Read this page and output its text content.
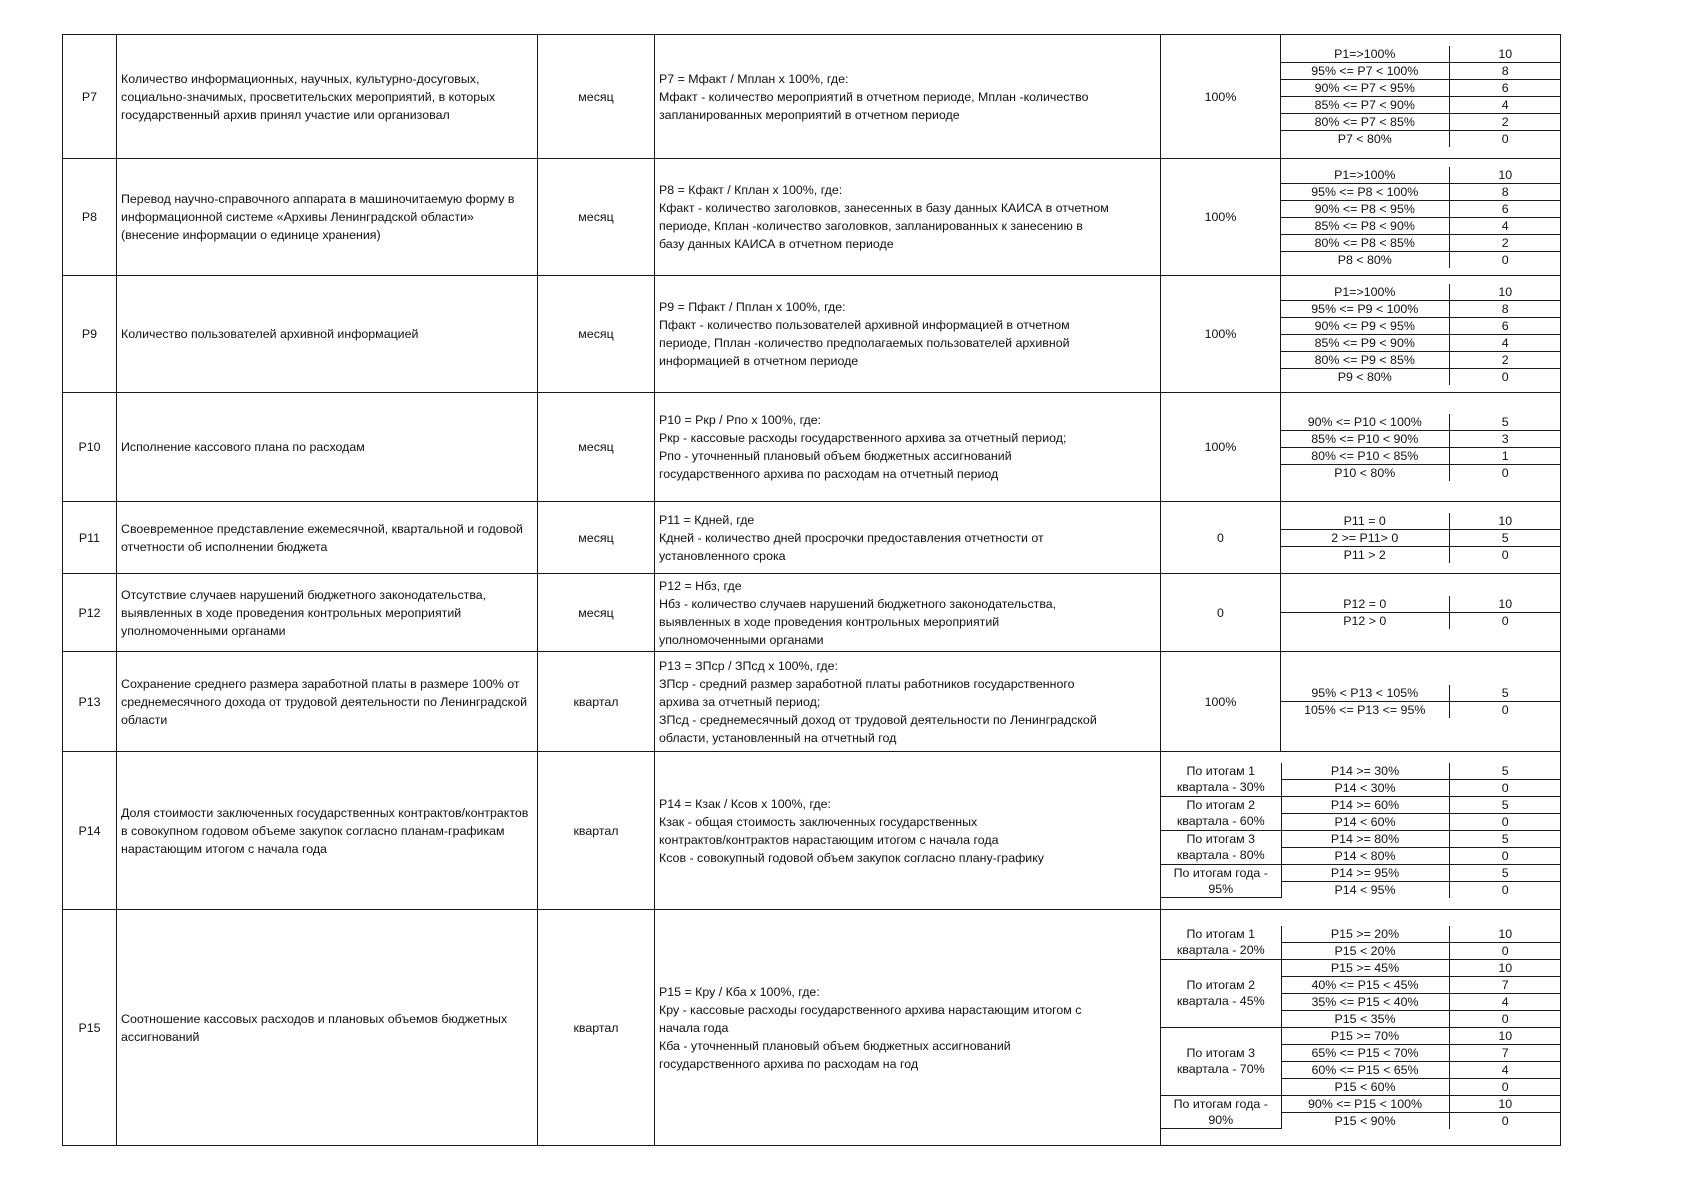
Р7	Количество информационных, научных, культурно-досуговых, социально-значимых, просветительских мероприятий, в которых государственный архив принял участие или организовал	месяц	
Р7 = Мфакт / Мплан х 100%, где:
Мфакт - количество мероприятий в отчетном периоде, Мплан -количество
запланированных мероприятий в отчетном периоде
	100%	
Р1=>100%	10
95% <= Р7 < 100%	8
90% <= Р7 < 95%	6
85% <= Р7 < 90%	4
80% <= Р7 < 85%	2
Р7 < 80%	0

Р8	Перевод научно-справочного аппарата в машиночитаемую форму в информационной системе «Архивы Ленинградской области» (внесение информации о единице хранения)	месяц	
Р8 = Кфакт / Кплан х 100%, где:
Кфакт - количество заголовков, занесенных в базу данных КАИСА в отчетном
периоде, Кплан -количество заголовков, запланированных к занесению в
базу данных КАИСА в отчетном периоде
	100%	
Р1=>100%	10
95% <= Р8 < 100%	8
90% <= Р8 < 95%	6
85% <= Р8 < 90%	4
80% <= Р8 < 85%	2
Р8 < 80%	0

Р9	Количество пользователей архивной информацией	месяц	
Р9 = Пфакт / Пплан х 100%, где:
Пфакт - количество пользователей архивной информацией в отчетном
периоде, Пплан -количество предполагаемых пользователей архивной
информацией в отчетном периоде
	100%	
Р1=>100%	10
95% <= Р9 < 100%	8
90% <= Р9 < 95%	6
85% <= Р9 < 90%	4
80% <= Р9 < 85%	2
Р9 < 80%	0

Р10	Исполнение кассового плана по расходам	месяц	
Р10 = Ркр / Рпо х 100%, где:
Ркр - кассовые расходы государственного архива за отчетный период;
Рпо - уточненный плановый объем бюджетных ассигнований
государственного архива по расходам на отчетный период
	100%	
90% <= Р10 < 100%	5
85% <= Р10 < 90%	3
80% <= Р10 < 85%	1
Р10 < 80%	0

Р11	Своевременное представление ежемесячной, квартальной и годовой отчетности об исполнении бюджета	месяц	
Р11 = Кдней, где
Кдней - количество дней просрочки предоставления отчетности от
установленного срока
	0	
Р11 = 0	10
2 >= Р11> 0	5
Р11 > 2	0

Р12	Отсутствие случаев нарушений бюджетного законодательства, выявленных в ходе проведения контрольных мероприятий уполномоченными органами	месяц	
Р12 = Нбз, где
Нбз - количество случаев нарушений бюджетного законодательства,
выявленных в ходе проведения контрольных мероприятий
уполномоченными органами
	0	
Р12 = 0	10
Р12 > 0	0

Р13	Сохранение среднего размера заработной платы в размере 100% от среднемесячного дохода от трудовой деятельности по Ленинградской области	квартал	
Р13 = ЗПср / ЗПсд х 100%, где:
ЗПср - средний размер заработной платы работников государственного
архива за отчетный период;
ЗПсд - среднемесячный доход от трудовой деятельности по Ленинградской
области, установленный на отчетный год
	100%	
95% < Р13 < 105%	5
105% <= Р13 <= 95%	0

Р14	Доля стоимости заключенных государственных контрактов/контрактов в совокупном годовом объеме закупок согласно планам-графикам нарастающим итогом с начала года	квартал	
Р14 = Кзак / Ксов х 100%, где:
Кзак - общая стоимость заключенных государственных
контрактов/контрактов нарастающим итогом с начала года
Ксов - совокупный годовой объем закупок согласно плану-графику

По итогам 1 квартала - 30%	Р14 >= 30%	5
Р14 < 30%	0
По итогам 2 квартала - 60%	Р14 >= 60%	5
Р14 < 60%	0
По итогам 3 квартала - 80%	Р14 >= 80%	5
Р14 < 80%	0
По итогам года - 95%	Р14 >= 95%	5
Р14 < 95%	0

Р15	Соотношение кассовых расходов и плановых объемов бюджетных ассигнований	квартал	
Р15 = Кру / Кба х 100%, где:
Кру - кассовые расходы государственного архива нарастающим итогом с
начала года
Кба - уточненный плановый объем бюджетных ассигнований
государственного архива по расходам на год

По итогам 1 квартала - 20%	Р15 >= 20%	10
Р15 < 20%	0
По итогам 2 квартала - 45%	Р15 >= 45%	10
40% <= Р15 < 45%	7
35% <= Р15 < 40%	4
Р15 < 35%	0
По итогам 3 квартала - 70%	Р15 >= 70%	10
65% <= Р15 < 70%	7
60% <= Р15 < 65%	4
Р15 < 60%	0
По итогам года - 90%	90% <= Р15 < 100%	10
Р15 < 90%	0
